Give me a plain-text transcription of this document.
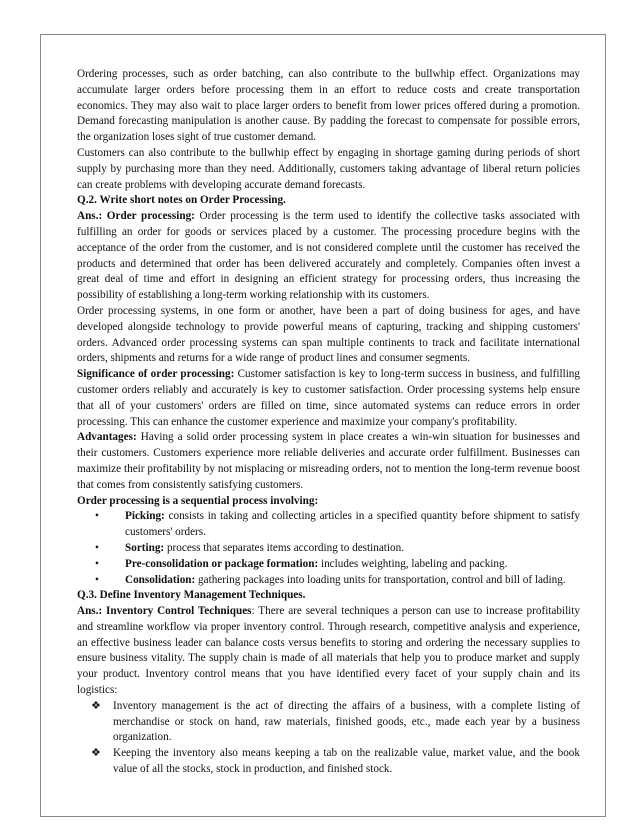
Ordering processes, such as order batching, can also contribute to the bullwhip effect. Organizations may accumulate larger orders before processing them in an effort to reduce costs and create transportation economics. They may also wait to place larger orders to benefit from lower prices offered during a promotion. Demand forecasting manipulation is another cause. By padding the forecast to compensate for possible errors, the organization loses sight of true customer demand.

Customers can also contribute to the bullwhip effect by engaging in shortage gaming during periods of short supply by purchasing more than they need. Additionally, customers taking advantage of liberal return policies can create problems with developing accurate demand forecasts.

Q.2. Write short notes on Order Processing.

Ans.: Order processing: Order processing is the term used to identify the collective tasks associated with fulfilling an order for goods or services placed by a customer. The processing procedure begins with the acceptance of the order from the customer, and is not considered complete until the customer has received the products and determined that order has been delivered accurately and completely. Companies often invest a great deal of time and effort in designing an efficient strategy for processing orders, thus increasing the possibility of establishing a long-term working relationship with its customers.

Order processing systems, in one form or another, have been a part of doing business for ages, and have developed alongside technology to provide powerful means of capturing, tracking and shipping customers' orders. Advanced order processing systems can span multiple continents to track and facilitate international orders, shipments and returns for a wide range of product lines and consumer segments.

Significance of order processing: Customer satisfaction is key to long-term success in business, and fulfilling customer orders reliably and accurately is key to customer satisfaction. Order processing systems help ensure that all of your customers' orders are filled on time, since automated systems can reduce errors in order processing. This can enhance the customer experience and maximize your company's profitability.

Advantages: Having a solid order processing system in place creates a win-win situation for businesses and their customers. Customers experience more reliable deliveries and accurate order fulfillment. Businesses can maximize their profitability by not misplacing or misreading orders, not to mention the long-term revenue boost that comes from consistently satisfying customers.

Order processing is a sequential process involving:

• Picking: consists in taking and collecting articles in a specified quantity before shipment to satisfy customers' orders.
• Sorting: process that separates items according to destination.
• Pre-consolidation or package formation: includes weighting, labeling and packing.
• Consolidation: gathering packages into loading units for transportation, control and bill of lading.

Q.3. Define Inventory Management Techniques.

Ans.: Inventory Control Techniques: There are several techniques a person can use to increase profitability and streamline workflow via proper inventory control. Through research, competitive analysis and experience, an effective business leader can balance costs versus benefits to storing and ordering the necessary supplies to ensure business vitality. The supply chain is made of all materials that help you to produce market and supply your product. Inventory control means that you have identified every facet of your supply chain and its logistics:

❖ Inventory management is the act of directing the affairs of a business, with a complete listing of merchandise or stock on hand, raw materials, finished goods, etc., made each year by a business organization.
❖ Keeping the inventory also means keeping a tab on the realizable value, market value, and the book value of all the stocks, stock in production, and finished stock.
